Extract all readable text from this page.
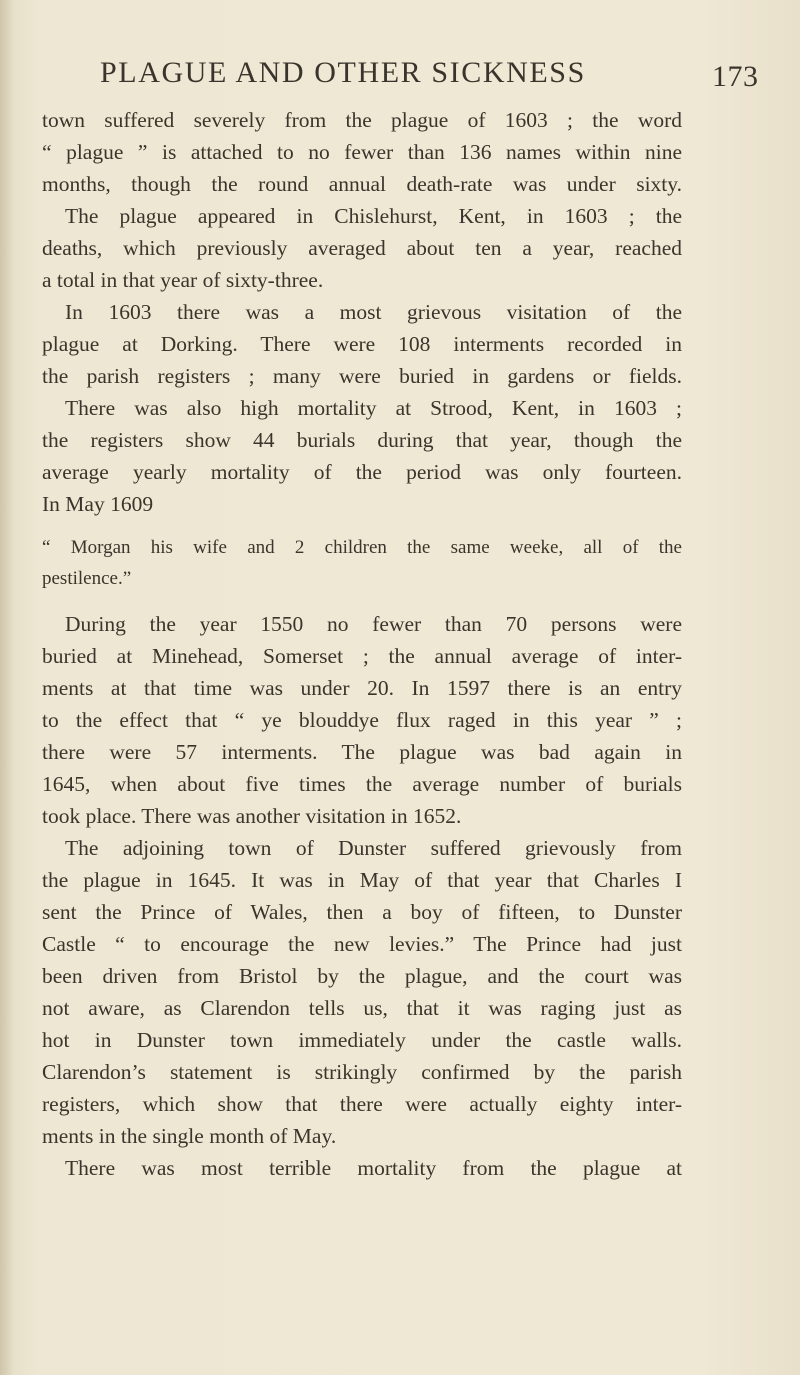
PLAGUE AND OTHER SICKNESS	173
town suffered severely from the plague of 1603 ; the word
“ plague ” is attached to no fewer than 136 names within nine
months, though the round annual death-rate was under sixty.
The plague appeared in Chislehurst, Kent, in 1603 ; the
deaths, which previously averaged about ten a year, reached
a total in that year of sixty-three.
In 1603 there was a most grievous visitation of the
plague at Dorking. There were 108 interments recorded in
the parish registers ; many were buried in gardens or fields.
There was also high mortality at Strood, Kent, in 1603 ;
the registers show 44 burials during that year, though the
average yearly mortality of the period was only fourteen.
In May 1609
“ Morgan his wife and 2 children the same weeke, all of the
pestilence.”
During the year 1550 no fewer than 70 persons were
buried at Minehead, Somerset ; the annual average of inter-
ments at that time was under 20. In 1597 there is an entry
to the effect that “ ye blouddye flux raged in this year ” ;
there were 57 interments. The plague was bad again in
1645, when about five times the average number of burials
took place. There was another visitation in 1652.
The adjoining town of Dunster suffered grievously from
the plague in 1645. It was in May of that year that Charles I
sent the Prince of Wales, then a boy of fifteen, to Dunster
Castle “ to encourage the new levies.” The Prince had just
been driven from Bristol by the plague, and the court was
not aware, as Clarendon tells us, that it was raging just as
hot in Dunster town immediately under the castle walls.
Clarendon’s statement is strikingly confirmed by the parish
registers, which show that there were actually eighty inter-
ments in the single month of May.
There was most terrible mortality from the plague at
